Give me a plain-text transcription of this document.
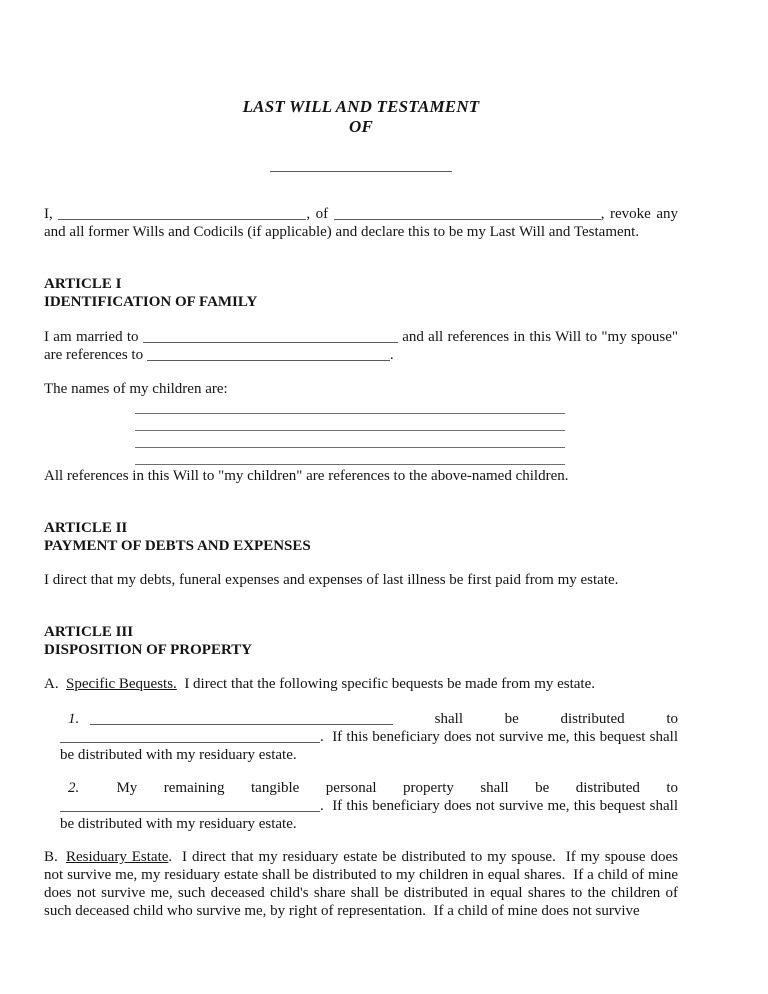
LAST WILL AND TESTAMENT
OF

I,	, of	, revoke any and all former Wills and Codicils (if applicable) and declare this to be my Last Will and Testament.

ARTICLE I
IDENTIFICATION OF FAMILY

I am married to	and all references in this Will to "my spouse" are references to	.

The names of my children are:

All references in this Will to "my children" are references to the above-named children.

ARTICLE II
PAYMENT OF DEBTS AND EXPENSES

I direct that my debts, funeral expenses and expenses of last illness be first paid from my estate.

ARTICLE III
DISPOSITION OF PROPERTY

A. Specific Bequests.  I direct that the following specific bequests be made from my estate.

1.	shall be distributed to .  If this beneficiary does not survive me, this bequest shall be distributed with my residuary estate.

2. My remaining tangible personal property shall be distributed to .  If this beneficiary does not survive me, this bequest shall be distributed with my residuary estate.

B. Residuary Estate.  I direct that my residuary estate be distributed to my spouse.  If my spouse does not survive me, my residuary estate shall be distributed to my children in equal shares.  If a child of mine does not survive me, such deceased child's share shall be distributed in equal shares to the children of such deceased child who survive me, by right of representation.  If a child of mine does not survive
